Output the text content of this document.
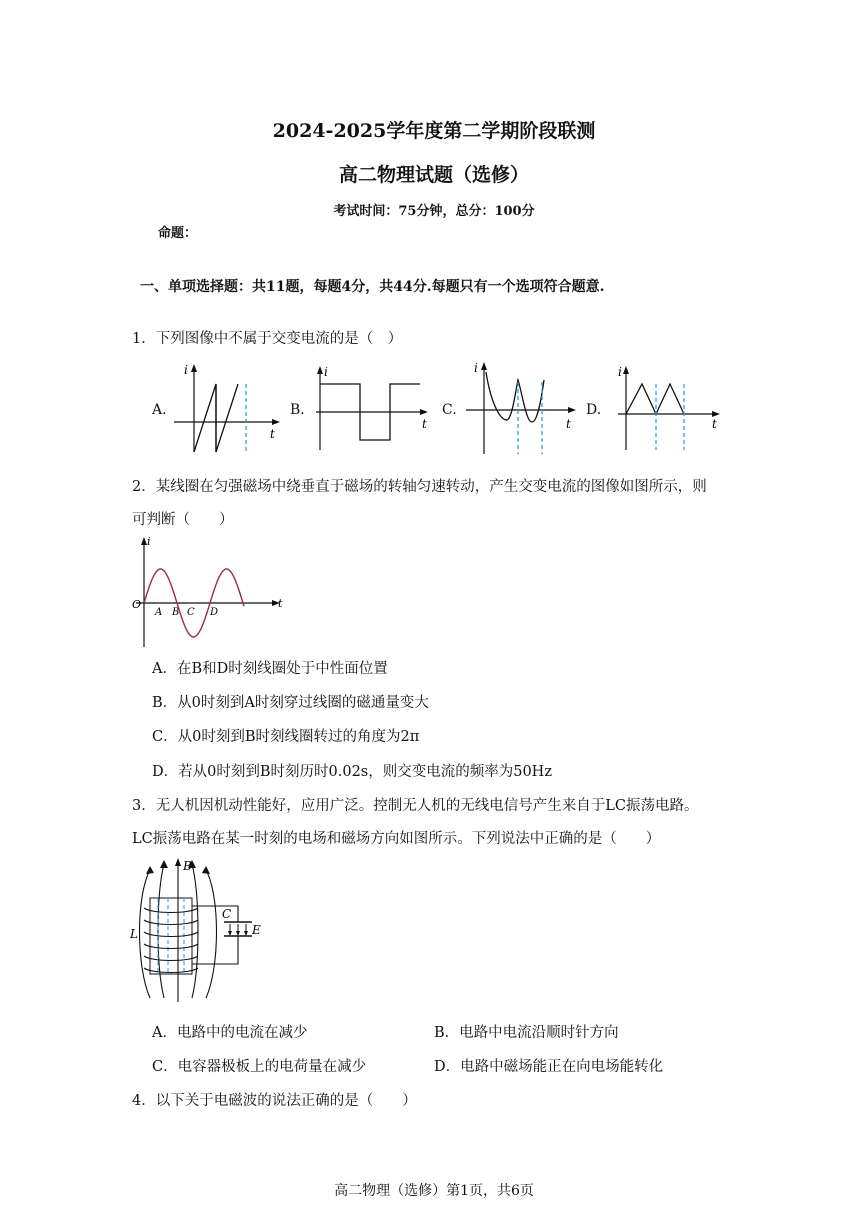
2024-2025学年度第二学期阶段联测
高二物理试题（选修）
考试时间：75分钟，总分：100分
命题：
一、单项选择题：共11题，每题4分，共44分.每题只有一个选项符合题意.
1．下列图像中不属于交变电流的是（　）
A.	B.	C.	D.
i
t
i
t
i
t
i
t
2．某线圈在匀强磁场中绕垂直于磁场的转轴匀速转动，产生交变电流的图像如图所示，则
可判断（　　）
i
t
O
A B C D
A．在B和D时刻线圈处于中性面位置
B．从0时刻到A时刻穿过线圈的磁通量变大
C．从0时刻到B时刻线圈转过的角度为2π
D．若从0时刻到B时刻历时0.02s，则交变电流的频率为50Hz
3．无人机因机动性能好，应用广泛。控制无人机的无线电信号产生来自于LC振荡电路。
LC振荡电路在某一时刻的电场和磁场方向如图所示。下列说法中正确的是（　　）
B
L
C
E
A．电路中的电流在减少	B．电路中电流沿顺时针方向
C．电容器极板上的电荷量在减少	D．电路中磁场能正在向电场能转化
4．以下关于电磁波的说法正确的是（　　）
高二物理（选修）第1页，共6页
